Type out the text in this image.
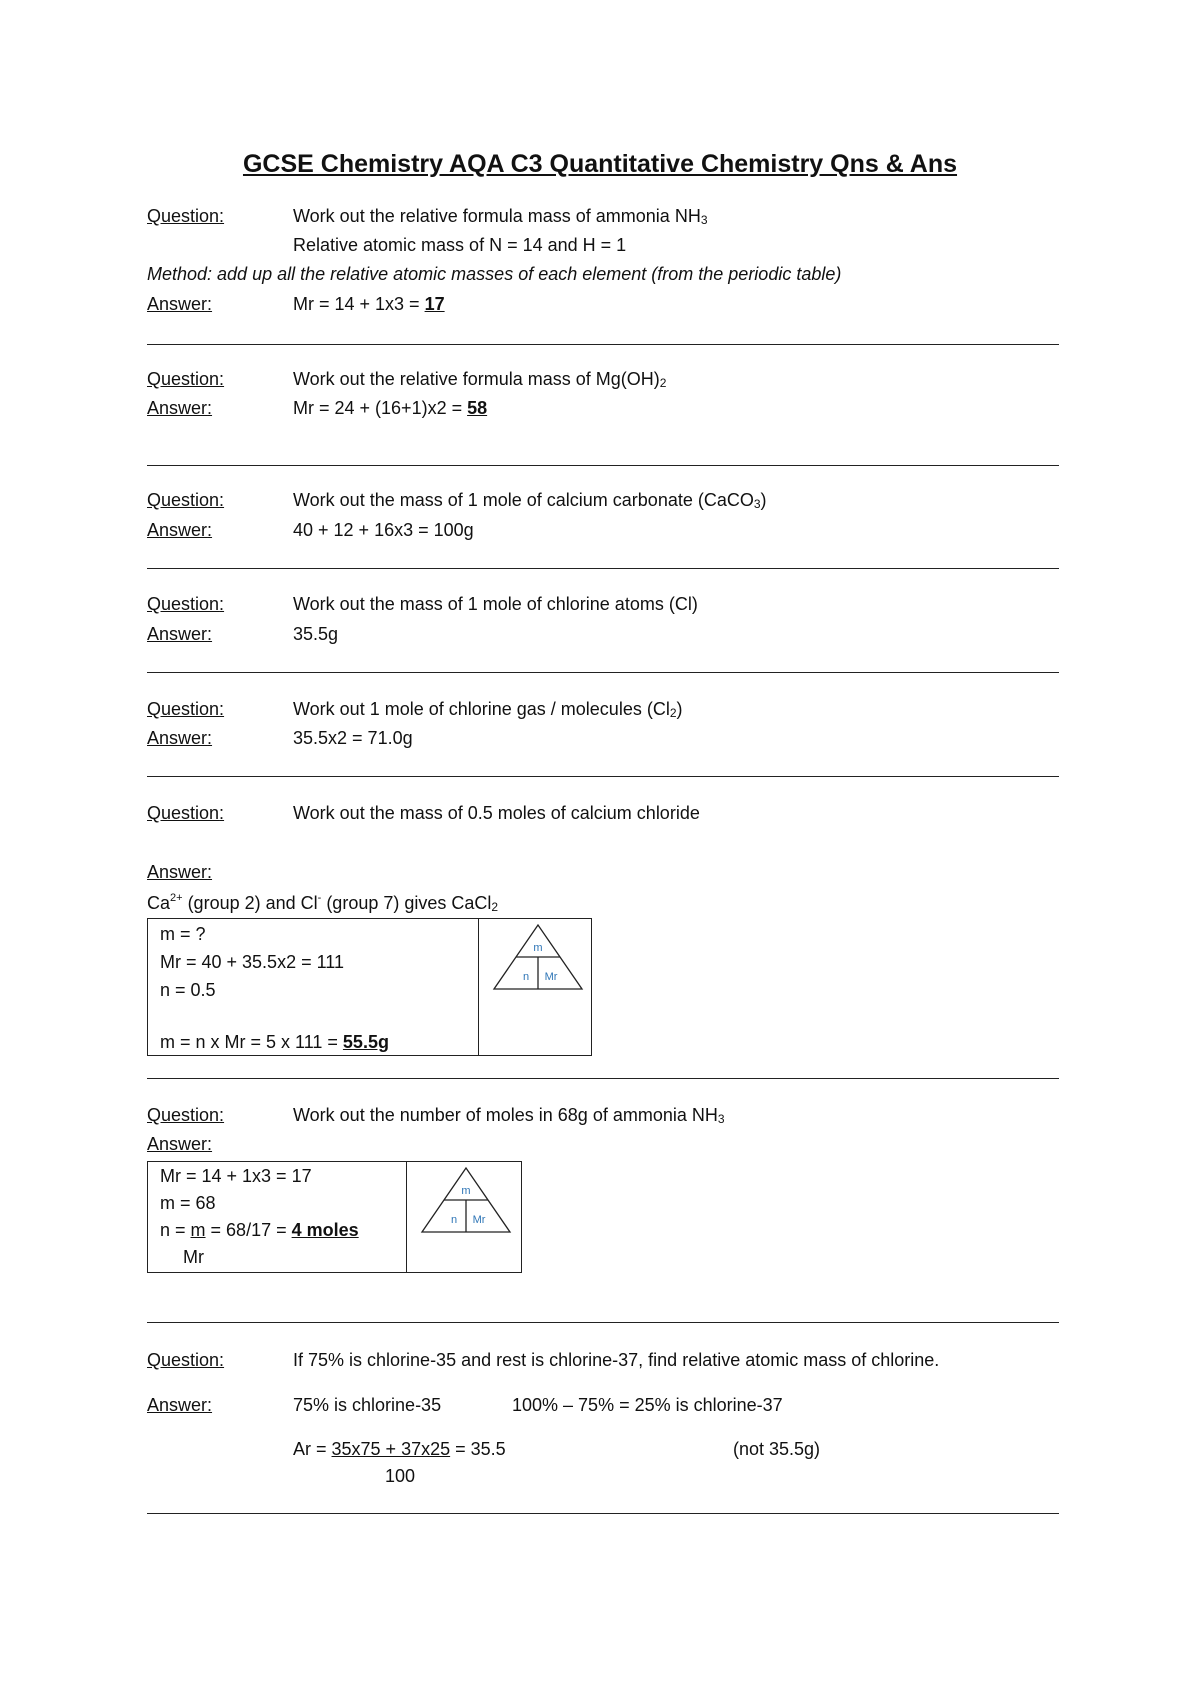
GCSE Chemistry AQA C3 Quantitative Chemistry Qns & Ans
Question:	Work out the relative formula mass of ammonia $NH_3$
Relative atomic mass of N = 14 and H = 1
Method: add up all the relative atomic masses of each element (from the periodic table)
Answer:	Mr = 14 + 1x3 = 17
Question:	Work out the relative formula mass of $Mg(OH)_2$
Answer:	Mr = 24 + (16+1)x2 = 58
Question:	Work out the mass of 1 mole of calcium carbonate (CaCO$_3$)
Answer:	40 + 12 + 16x3 = 100g
Question:	Work out the mass of 1 mole of chlorine atoms (Cl)
Answer:	35.5g
Question:	Work out 1 mole of chlorine gas / molecules $(Cl_2)$
Answer:	35.5x2 = 71.0g
Question:	Work out the mass of 0.5 moles of calcium chloride
Answer:
$Ca^{2+}$ (group 2) and Cl- (group 7) gives CaCl$_2$
m = ?
Mr = 40 + 35.5x2 = 111
n = 0.5
m = n x Mr = 5 x 111 = 55.5g
m
n Mr
Question:	Work out the number of moles in 68g of ammonia $NH_3$
Answer:
Mr = 14 + 1x3 = 17
m = 68
n = m = 68/17 = 4 moles
Mr
m
n Mr
Question:	If 75% is chlorine-35 and rest is chlorine-37, find relative atomic mass of chlorine.
Answer:	75% is chlorine-35	100% – 75% = 25% is chlorine-37
Ar = 35x75 + 37x25 = 35.5	(not 35.5g)
100
